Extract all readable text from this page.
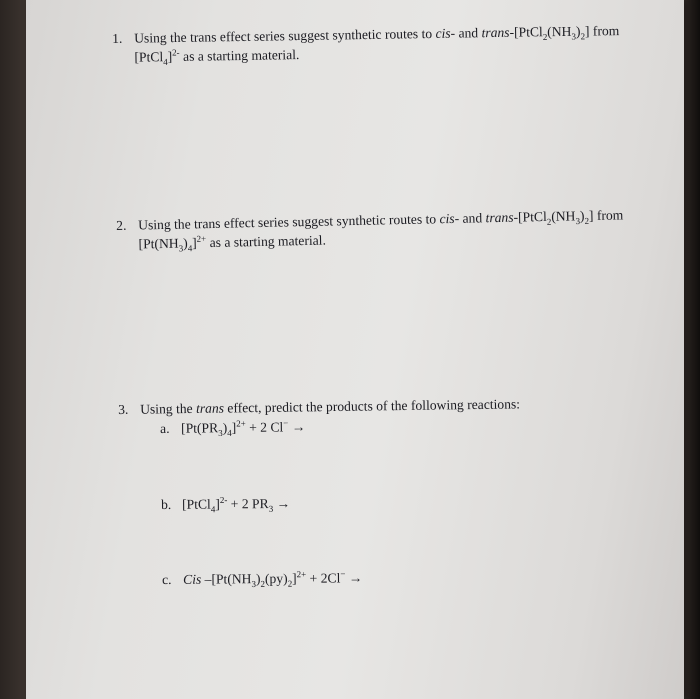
1. Using the trans effect series suggest synthetic routes to cis- and trans-$[PtCl_2(NH_3)_2]$ from
[PtCl$_4$]$^{2-}$ as a starting material.
2. Using the trans effect series suggest synthetic routes to cis- and trans-$[PtCl_2(NH_3)_2]$ from
$[Pt(NH_3)_4]^{2+}$ as a starting material.
3. Using the trans effect, predict the products of the following reactions:
a. $[Pt(PR_3)_4]^{2+} + 2$ Cl− →
b. [PtCl$_4$]$^{2-}$ + 2 $PR_3$ →
c. Cis $-[Pt(NH_3)_2(py)_2]^{2+} + 2Cl^-$ →
